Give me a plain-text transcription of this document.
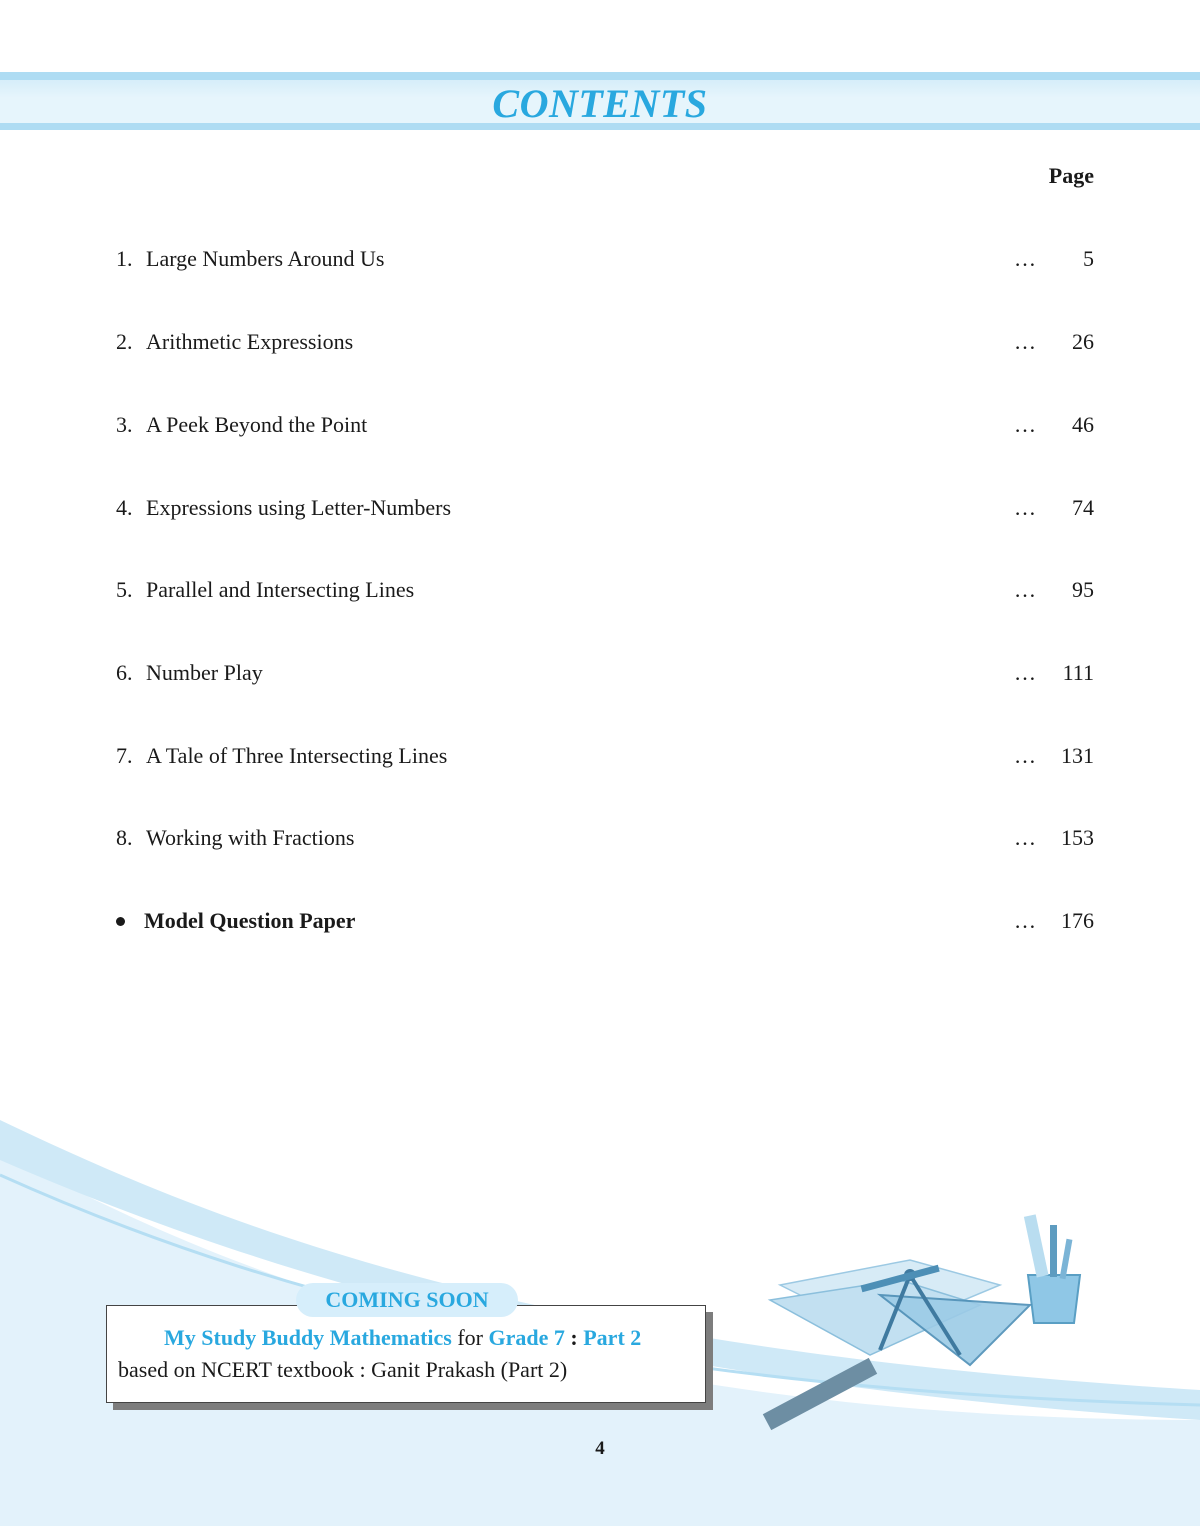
CONTENTS
Page
1. Large Numbers Around Us	… 5
2. Arithmetic Expressions	… 26
3. A Peek Beyond the Point	… 46
4. Expressions using Letter-Numbers	… 74
5. Parallel and Intersecting Lines	… 95
6. Number Play	… 111
7. A Tale of Three Intersecting Lines	… 131
8. Working with Fractions	… 153
Model Question Paper	… 176
COMING SOON
My Study Buddy Mathematics for Grade 7 : Part 2
based on NCERT textbook : Ganit Prakash (Part 2)
4
